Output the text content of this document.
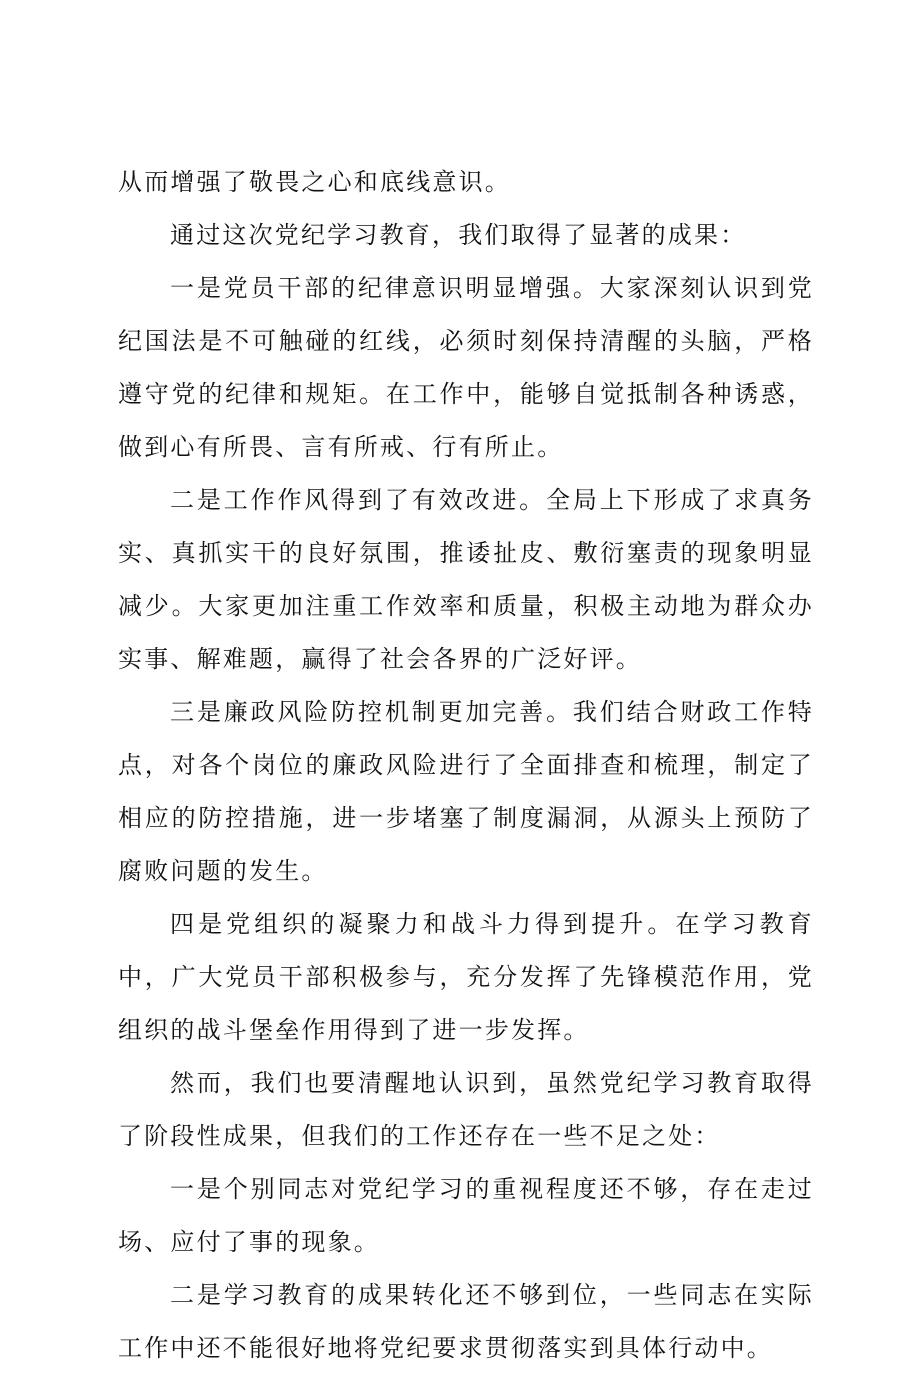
从而增强了敬畏之心和底线意识。

通过这次党纪学习教育，我们取得了显著的成果：

一是党员干部的纪律意识明显增强。大家深刻认识到党纪国法是不可触碰的红线，必须时刻保持清醒的头脑，严格遵守党的纪律和规矩。在工作中，能够自觉抵制各种诱惑，做到心有所畏、言有所戒、行有所止。

二是工作作风得到了有效改进。全局上下形成了求真务实、真抓实干的良好氛围，推诿扯皮、敷衍塞责的现象明显减少。大家更加注重工作效率和质量，积极主动地为群众办实事、解难题，赢得了社会各界的广泛好评。

三是廉政风险防控机制更加完善。我们结合财政工作特点，对各个岗位的廉政风险进行了全面排查和梳理，制定了相应的防控措施，进一步堵塞了制度漏洞，从源头上预防了腐败问题的发生。

四是党组织的凝聚力和战斗力得到提升。在学习教育中，广大党员干部积极参与，充分发挥了先锋模范作用，党组织的战斗堡垒作用得到了进一步发挥。

然而，我们也要清醒地认识到，虽然党纪学习教育取得了阶段性成果，但我们的工作还存在一些不足之处：

一是个别同志对党纪学习的重视程度还不够，存在走过场、应付了事的现象。

二是学习教育的成果转化还不够到位，一些同志在实际工作中还不能很好地将党纪要求贯彻落实到具体行动中。
